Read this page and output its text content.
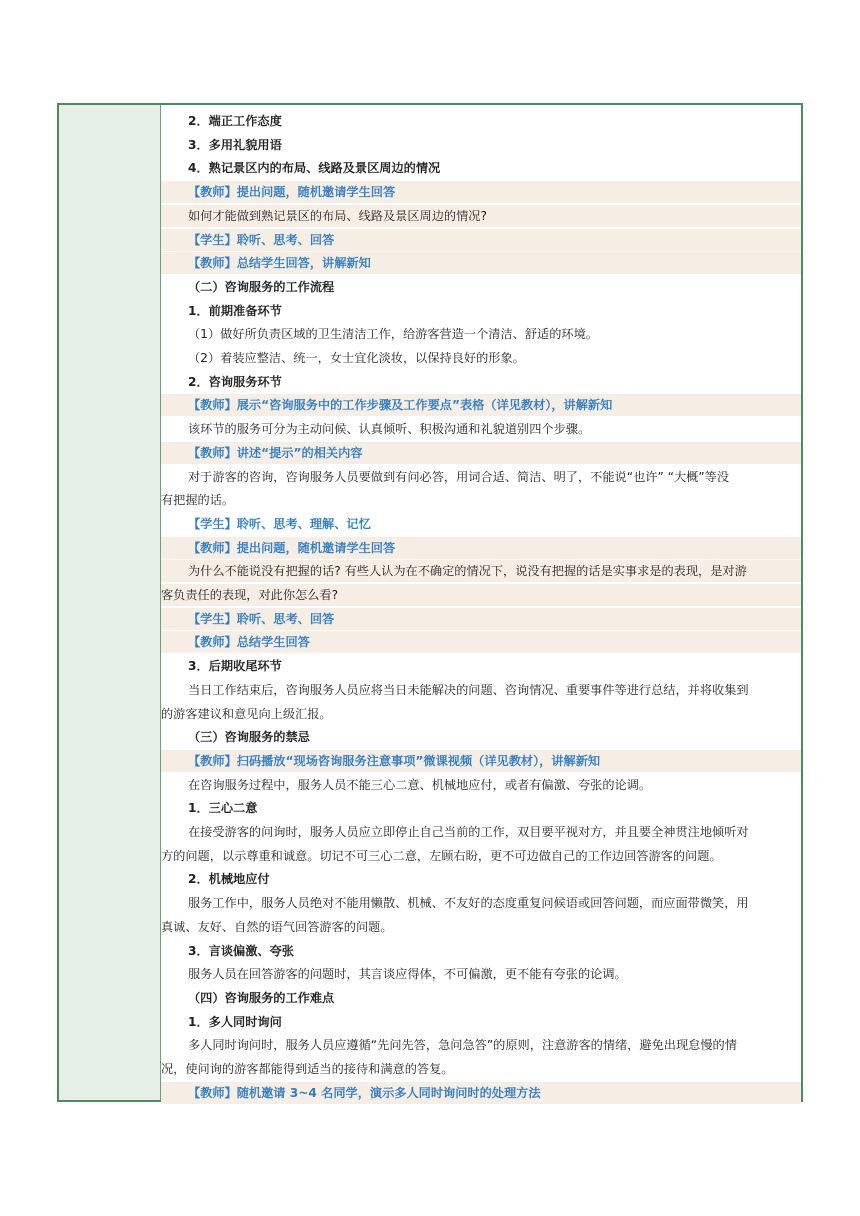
2．端正工作态度
3．多用礼貌用语
4．熟记景区内的布局、线路及景区周边的情况
【教师】提出问题，随机邀请学生回答
如何才能做到熟记景区的布局、线路及景区周边的情况?
【学生】聆听、思考、回答
【教师】总结学生回答，讲解新知
（二）咨询服务的工作流程
1．前期准备环节
（1）做好所负责区域的卫生清洁工作，给游客营造一个清洁、舒适的环境。
（2）着装应整洁、统一，女士宜化淡妆，以保持良好的形象。
2．咨询服务环节
【教师】展示“咨询服务中的工作步骤及工作要点”表格（详见教材），讲解新知
该环节的服务可分为主动问候、认真倾听、积极沟通和礼貌道别四个步骤。
【教师】讲述“提示”的相关内容
对于游客的咨询，咨询服务人员要做到有问必答，用词合适、简洁、明了，不能说“也许” “大概”等没
有把握的话。
【学生】聆听、思考、理解、记忆
【教师】提出问题，随机邀请学生回答
为什么不能说没有把握的话? 有些人认为在不确定的情况下，说没有把握的话是实事求是的表现，是对游
客负责任的表现，对此你怎么看?
【学生】聆听、思考、回答
【教师】总结学生回答
3．后期收尾环节
当日工作结束后，咨询服务人员应将当日未能解决的问题、咨询情况、重要事件等进行总结，并将收集到
的游客建议和意见向上级汇报。
（三）咨询服务的禁忌
【教师】扫码播放“现场咨询服务注意事项”微课视频（详见教材），讲解新知
在咨询服务过程中，服务人员不能三心二意、机械地应付，或者有偏激、夸张的论调。
1．三心二意
在接受游客的问询时，服务人员应立即停止自己当前的工作，双目要平视对方，并且要全神贯注地倾听对
方的问题，以示尊重和诚意。切记不可三心二意，左顾右盼，更不可边做自己的工作边回答游客的问题。
2．机械地应付
服务工作中，服务人员绝对不能用懒散、机械、不友好的态度重复问候语或回答问题，而应面带微笑，用
真诚、友好、自然的语气回答游客的问题。
3．言谈偏激、夸张
服务人员在回答游客的问题时，其言谈应得体，不可偏激，更不能有夸张的论调。
（四）咨询服务的工作难点
1．多人同时询问
多人同时询问时，服务人员应遵循“先问先答，急问急答”的原则，注意游客的情绪，避免出现怠慢的情
况，使问询的游客都能得到适当的接待和满意的答复。
【教师】随机邀请 3~4 名同学，演示多人同时询问时的处理方法
